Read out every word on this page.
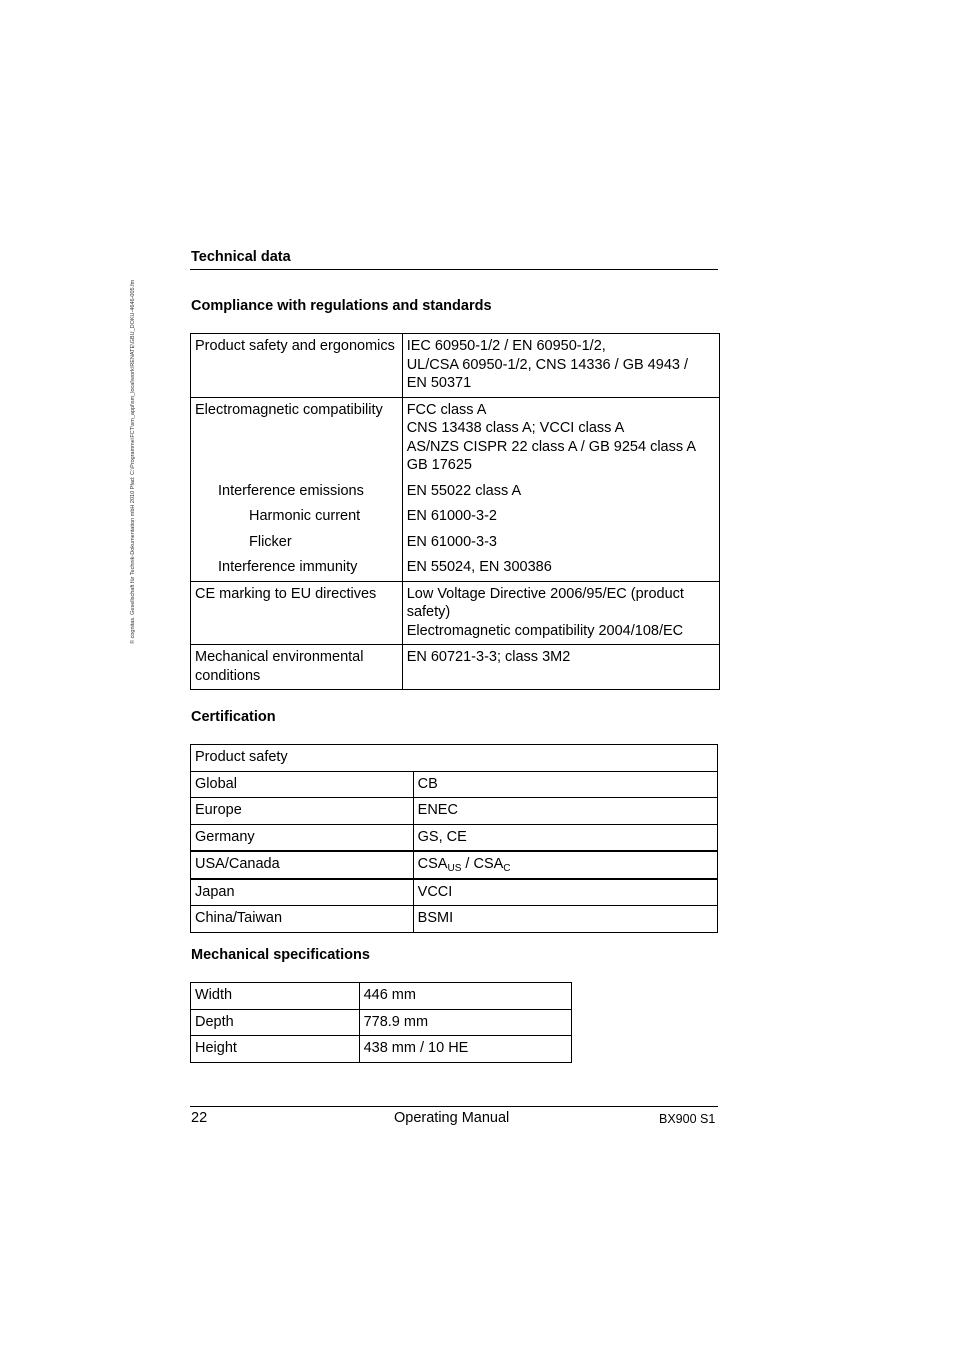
© cognitas. Gesellschaft für Technik-Dokumentation mbH 2010 Pfad: C:\Programme\FCT\sm_appl\sm_local\work\RENATE\GBU_DOKU-4646-005.fm
Technical data
Compliance with regulations and standards
Product safety and ergonomics	IEC 60950-1/2 / EN 60950-1/2,
UL/CSA 60950-1/2, CNS 14336 / GB 4943 /
EN 50371

Electromagnetic compatibility	FCC class A
CNS 13438 class A; VCCI class A
AS/NZS CISPR 22 class A / GB 9254 class A
GB 17625

Interference emissions	EN 55022 class A

Harmonic current	EN 61000-3-2

Flicker	EN 61000-3-3

Interference immunity	EN 55024, EN 300386

CE marking to EU directives	Low Voltage Directive 2006/95/EC (product safety)
Electromagnetic compatibility 2004/108/EC

Mechanical environmental conditions	EN 60721-3-3; class 3M2
Certification
Product safety	

Global	CB

Europe	ENEC

Germany	GS, CE

USA/Canada	$CSA_{US} / CSA_C$

Japan	VCCI

China/Taiwan	BSMI
Mechanical specifications
Width	446 mm

Depth	778.9 mm

Height	438 mm / 10 HE
22	Operating Manual	BX900 S1
